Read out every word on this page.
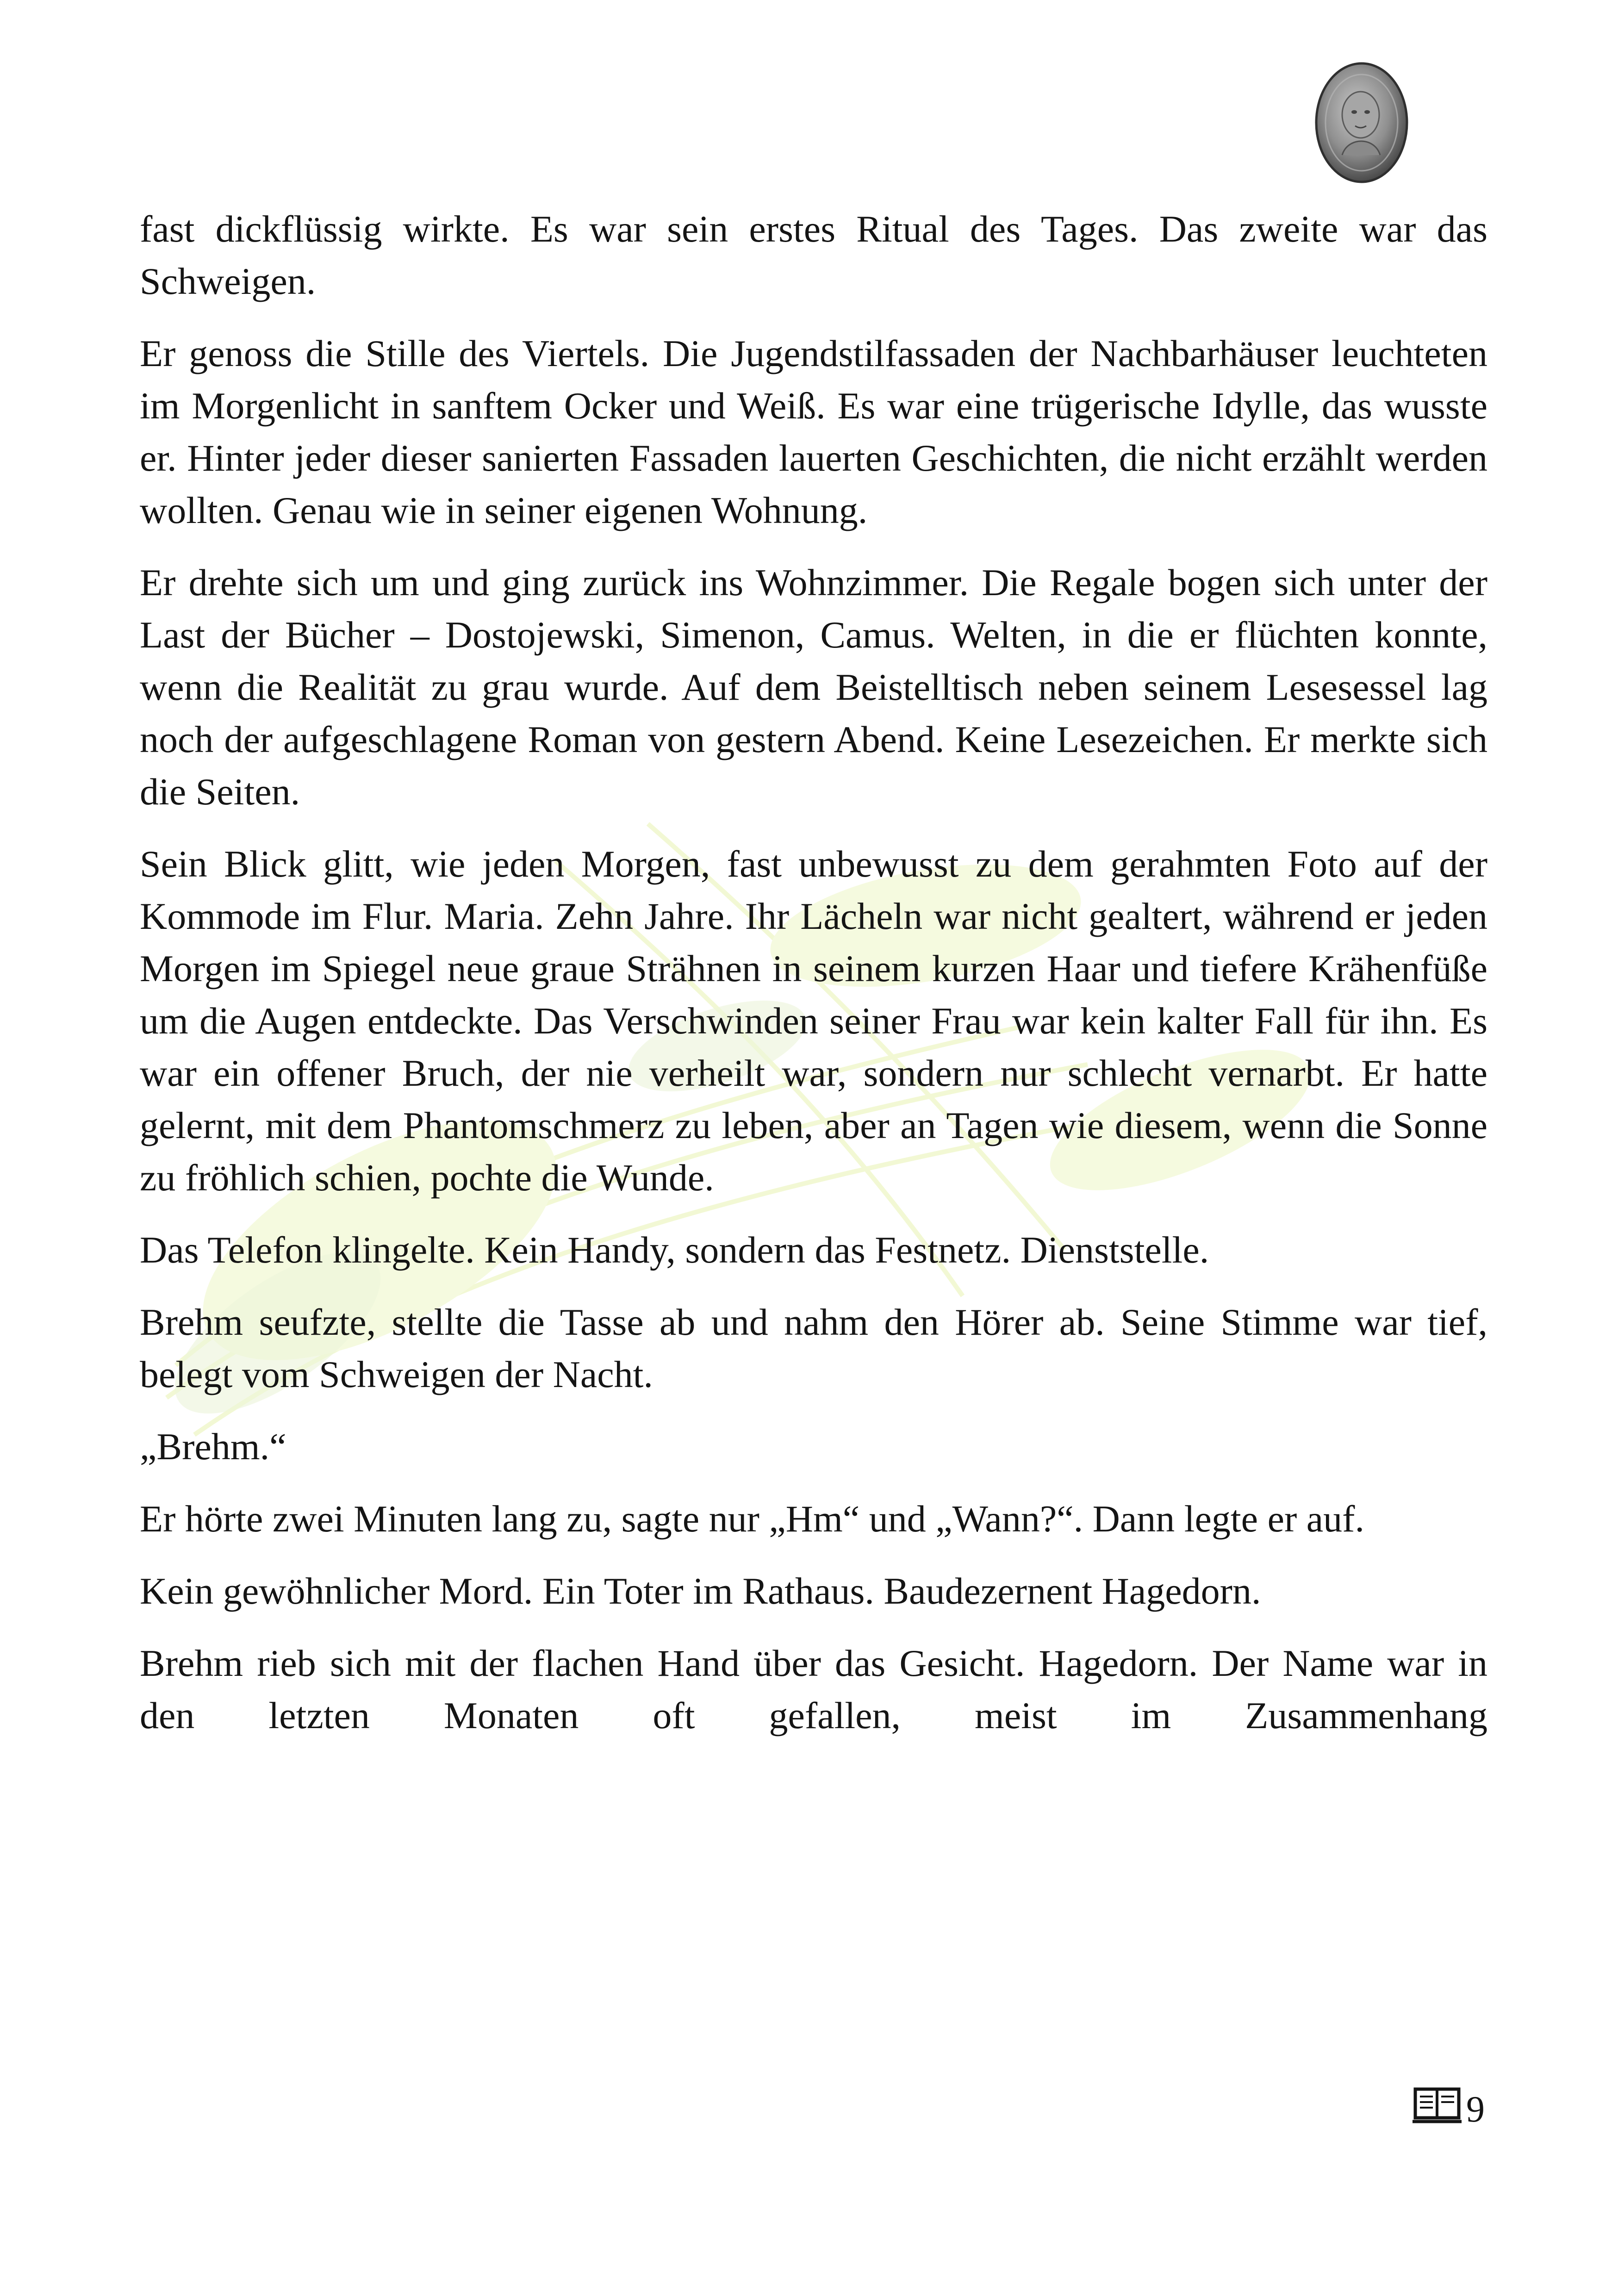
fast dickflüssig wirkte. Es war sein erstes Ritual des Tages. Das zweite war das Schweigen.

Er genoss die Stille des Viertels. Die Jugendstilfassaden der Nachbarhäuser leuchteten im Morgenlicht in sanftem Ocker und Weiß. Es war eine trügerische Idylle, das wusste er. Hinter jeder dieser sanierten Fassaden lauerten Geschichten, die nicht erzählt werden wollten. Genau wie in seiner eigenen Wohnung.

Er drehte sich um und ging zurück ins Wohnzimmer. Die Regale bogen sich unter der Last der Bücher – Dostojewski, Simenon, Camus. Welten, in die er flüchten konnte, wenn die Realität zu grau wurde. Auf dem Beistelltisch neben seinem Lesesessel lag noch der aufgeschlagene Roman von gestern Abend. Keine Lesezeichen. Er merkte sich die Seiten.

Sein Blick glitt, wie jeden Morgen, fast unbewusst zu dem gerahmten Foto auf der Kommode im Flur. Maria. Zehn Jahre. Ihr Lächeln war nicht gealtert, während er jeden Morgen im Spiegel neue graue Strähnen in seinem kurzen Haar und tiefere Krähenfüße um die Augen entdeckte. Das Verschwinden seiner Frau war kein kalter Fall für ihn. Es war ein offener Bruch, der nie verheilt war, sondern nur schlecht vernarbt. Er hatte gelernt, mit dem Phantomschmerz zu leben, aber an Tagen wie diesem, wenn die Sonne zu fröhlich schien, pochte die Wunde.

Das Telefon klingelte. Kein Handy, sondern das Festnetz. Dienststelle.

Brehm seufzte, stellte die Tasse ab und nahm den Hörer ab. Seine Stimme war tief, belegt vom Schweigen der Nacht.

„Brehm.“

Er hörte zwei Minuten lang zu, sagte nur „Hm“ und „Wann?“. Dann legte er auf.

Kein gewöhnlicher Mord. Ein Toter im Rathaus. Baudezernent Hagedorn.

Brehm rieb sich mit der flachen Hand über das Gesicht. Hagedorn. Der Name war in den letzten Monaten oft gefallen, meist im Zusammenhang

9
